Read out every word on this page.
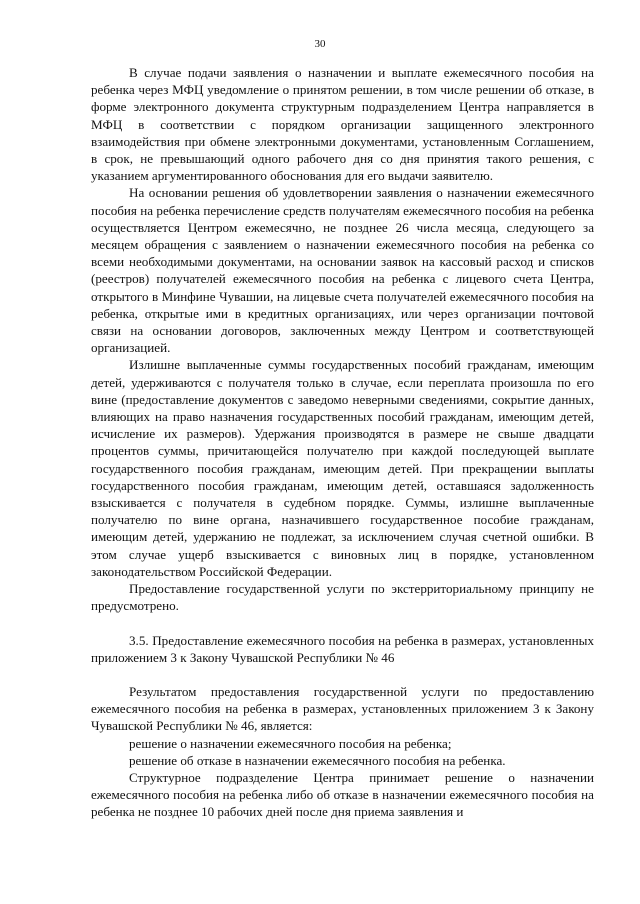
30

В случае подачи заявления о назначении и выплате ежемесячного пособия на ребенка через МФЦ уведомление о принятом решении, в том числе решении об отказе, в форме электронного документа структурным подразделением Центра направляется в МФЦ в соответствии с порядком организации защищенного электронного взаимодействия при обмене электронными документами, установленным Соглашением, в срок, не превышающий одного рабочего дня со дня принятия такого решения, с указанием аргументированного обоснования для его выдачи заявителю.

На основании решения об удовлетворении заявления о назначении ежемесячного пособия на ребенка перечисление средств получателям ежемесячного пособия на ребенка осуществляется Центром ежемесячно, не позднее 26 числа месяца, следующего за месяцем обращения с заявлением о назначении ежемесячного пособия на ребенка со всеми необходимыми документами, на основании заявок на кассовый расход и списков (реестров) получателей ежемесячного пособия на ребенка с лицевого счета Центра, открытого в Минфине Чувашии, на лицевые счета получателей ежемесячного пособия на ребенка, открытые ими в кредитных организациях, или через организации почтовой связи на основании договоров, заключенных между Центром и соответствующей организацией.

Излишне выплаченные суммы государственных пособий гражданам, имеющим детей, удерживаются с получателя только в случае, если переплата произошла по его вине (предоставление документов с заведомо неверными сведениями, сокрытие данных, влияющих на право назначения государственных пособий гражданам, имеющим детей, исчисление их размеров). Удержания производятся в размере не свыше двадцати процентов суммы, причитающейся получателю при каждой последующей выплате государственного пособия гражданам, имеющим детей. При прекращении выплаты государственного пособия гражданам, имеющим детей, оставшаяся задолженность взыскивается с получателя в судебном порядке. Суммы, излишне выплаченные получателю по вине органа, назначившего государственное пособие гражданам, имеющим детей, удержанию не подлежат, за исключением случая счетной ошибки. В этом случае ущерб взыскивается с виновных лиц в порядке, установленном законодательством Российской Федерации.

Предоставление государственной услуги по экстерриториальному принципу не предусмотрено.

3.5. Предоставление ежемесячного пособия на ребенка в размерах, установленных приложением 3 к Закону Чувашской Республики № 46

Результатом предоставления государственной услуги по предоставлению ежемесячного пособия на ребенка в размерах, установленных приложением 3 к Закону Чувашской Республики № 46, является:

решение о назначении ежемесячного пособия на ребенка;

решение об отказе в назначении ежемесячного пособия на ребенка.

Структурное подразделение Центра принимает решение о назначении ежемесячного пособия на ребенка либо об отказе в назначении ежемесячного пособия на ребенка не позднее 10 рабочих дней после дня приема заявления и
